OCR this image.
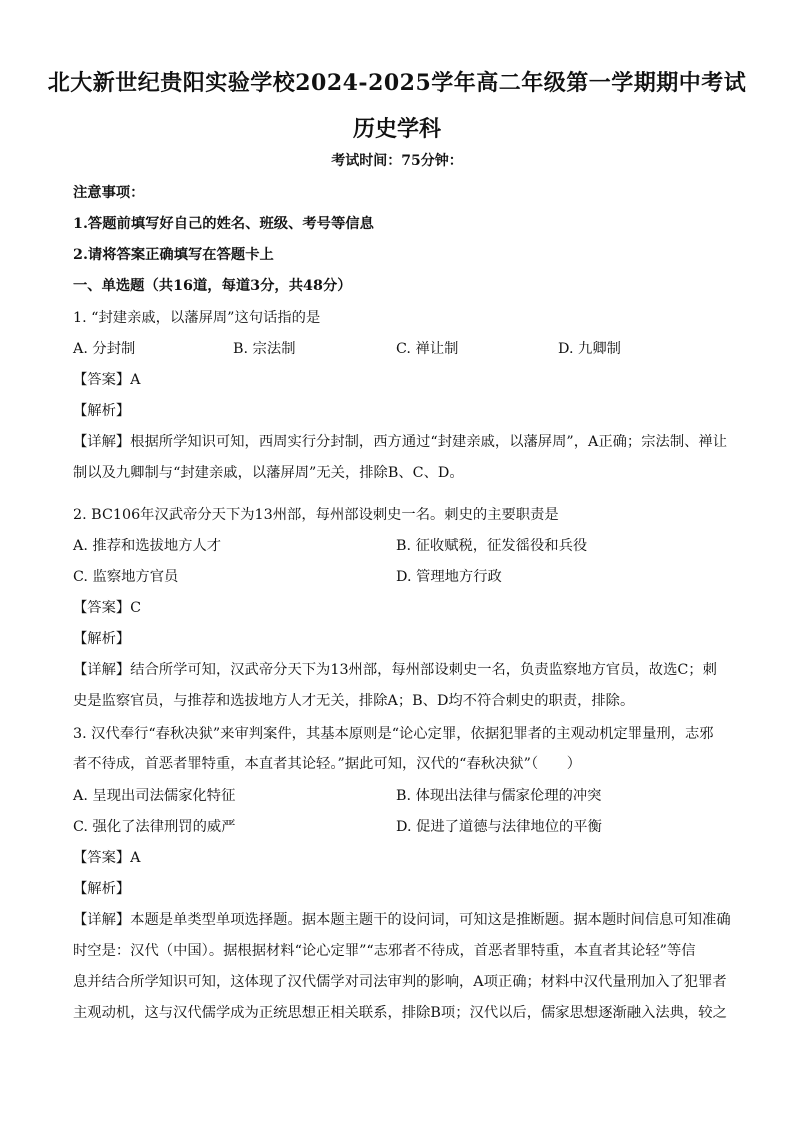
北大新世纪贵阳实验学校2024-2025学年高二年级第一学期期中考试
历史学科
考试时间：75分钟：
注意事项：
1.答题前填写好自己的姓名、班级、考号等信息
2.请将答案正确填写在答题卡上
一、单选题（共16道，每道3分，共48分）
1. “封建亲戚，以藩屏周”这句话指的是
A. 分封制	B. 宗法制	C. 禅让制	D. 九卿制
【答案】A
【解析】
【详解】根据所学知识可知，西周实行分封制，西方通过“封建亲戚，以藩屏周”，A正确；宗法制、禅让
制以及九卿制与“封建亲戚，以藩屏周”无关，排除B、C、D。
2. BC106年汉武帝分天下为13州部，每州部设刺史一名。刺史的主要职责是
A. 推荐和选拔地方人才	B. 征收赋税，征发徭役和兵役
C. 监察地方官员	D. 管理地方行政
【答案】C
【解析】
【详解】结合所学可知，汉武帝分天下为13州部，每州部设刺史一名，负责监察地方官员，故选C；刺
史是监察官员，与推荐和选拔地方人才无关，排除A；B、D均不符合刺史的职责，排除。
3. 汉代奉行“春秋决狱”来审判案件，其基本原则是“论心定罪，依据犯罪者的主观动机定罪量刑，志邪
者不待成，首恶者罪特重，本直者其论轻。”据此可知，汉代的“春秋决狱”（　　）
A. 呈现出司法儒家化特征	B. 体现出法律与儒家伦理的冲突
C. 强化了法律刑罚的威严	D. 促进了道德与法律地位的平衡
【答案】A
【解析】
【详解】本题是单类型单项选择题。据本题主题干的设问词，可知这是推断题。据本题时间信息可知准确
时空是：汉代（中国）。据根据材料“论心定罪”“志邪者不待成，首恶者罪特重，本直者其论轻”等信
息并结合所学知识可知，这体现了汉代儒学对司法审判的影响，A项正确；材料中汉代量刑加入了犯罪者
主观动机，这与汉代儒学成为正统思想正相关联系，排除B项；汉代以后，儒家思想逐渐融入法典，较之
